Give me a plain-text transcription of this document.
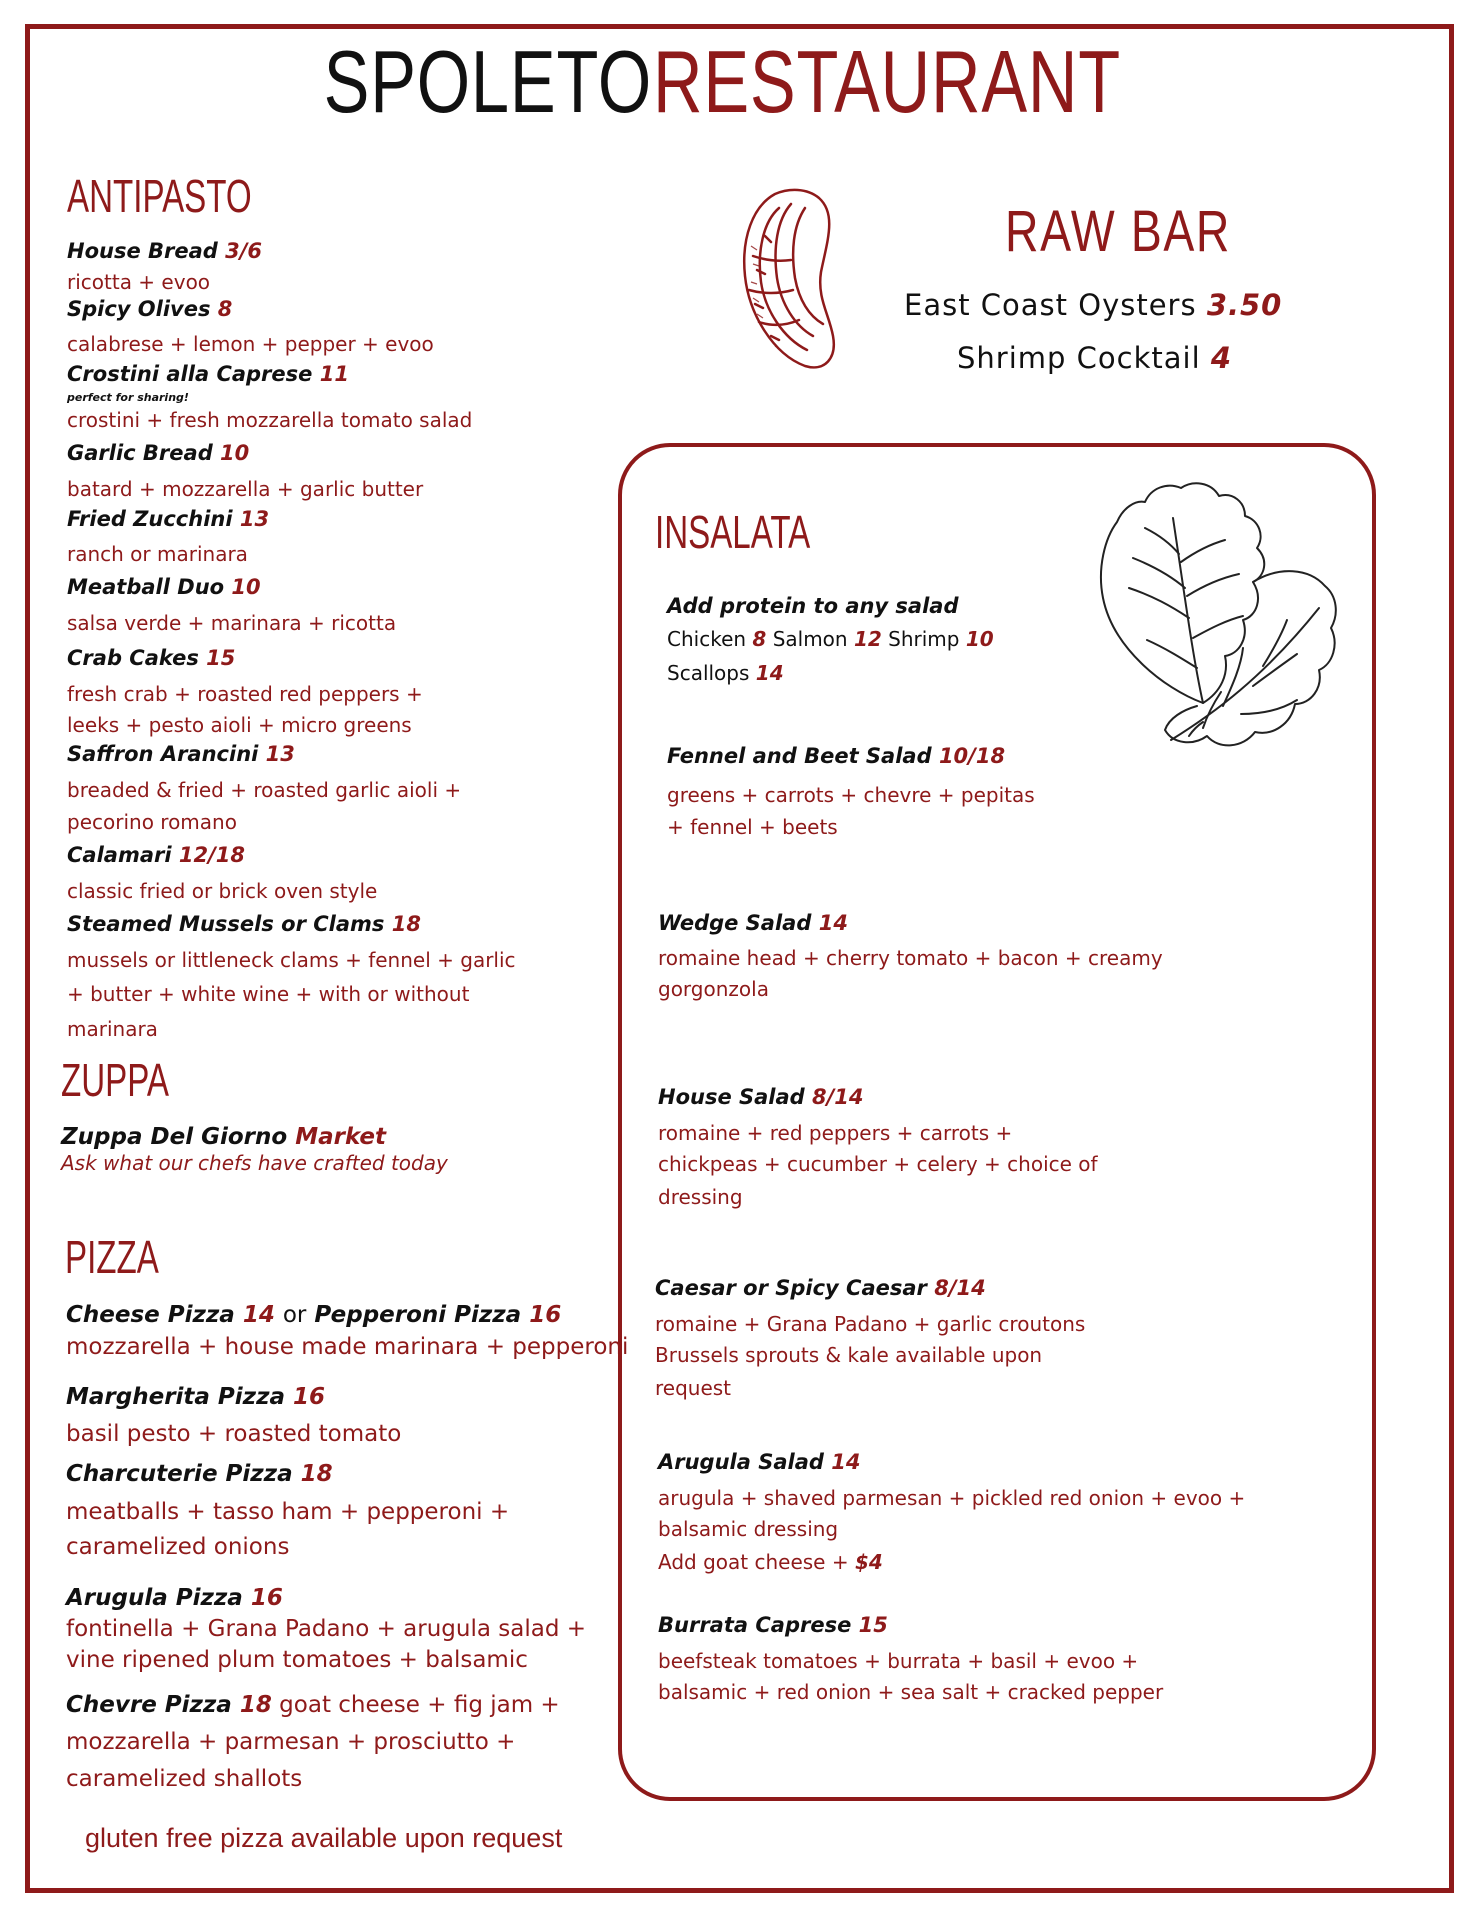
SPOLETORESTAURANT
ANTIPASTO
House Bread 3/6
ricotta + evoo
Spicy Olives 8
calabrese + lemon + pepper + evoo
Crostini alla Caprese 11
perfect for sharing!
crostini + fresh mozzarella tomato salad
Garlic Bread 10
batard + mozzarella + garlic butter
Fried Zucchini 13
ranch or marinara
Meatball Duo 10
salsa verde + marinara + ricotta
Crab Cakes 15
fresh crab + roasted red peppers +
leeks + pesto aioli + micro greens
Saffron Arancini 13
breaded & fried + roasted garlic aioli +
pecorino romano
Calamari 12/18
classic fried or brick oven style
Steamed Mussels or Clams 18
mussels or littleneck clams + fennel + garlic
+ butter + white wine + with or without
marinara
ZUPPA
Zuppa Del Giorno Market
Ask what our chefs have crafted today
PIZZA
Cheese Pizza 14 or Pepperoni Pizza 16
mozzarella + house made marinara + pepperoni
Margherita Pizza 16
basil pesto + roasted tomato
Charcuterie Pizza 18
meatballs + tasso ham + pepperoni +
caramelized onions
Arugula Pizza 16
fontinella + Grana Padano + arugula salad +
vine ripened plum tomatoes + balsamic
Chevre Pizza 18 goat cheese + fig jam +
mozzarella + parmesan + prosciutto +
caramelized shallots
gluten free pizza available upon request
RAW BAR
East Coast Oysters 3.50
Shrimp Cocktail 4
INSALATA
Add protein to any salad
Chicken 8 Salmon 12 Shrimp 10
Scallops 14
Fennel and Beet Salad 10/18
greens + carrots + chevre + pepitas
+ fennel + beets
Wedge Salad 14
romaine head + cherry tomato + bacon + creamy
gorgonzola
House Salad 8/14
romaine + red peppers + carrots +
chickpeas + cucumber + celery + choice of
dressing
Caesar or Spicy Caesar 8/14
romaine + Grana Padano + garlic croutons
Brussels sprouts & kale available upon
request
Arugula Salad 14
arugula + shaved parmesan + pickled red onion + evoo +
balsamic dressing
Add goat cheese + $4
Burrata Caprese 15
beefsteak tomatoes + burrata + basil + evoo +
balsamic + red onion + sea salt + cracked pepper
